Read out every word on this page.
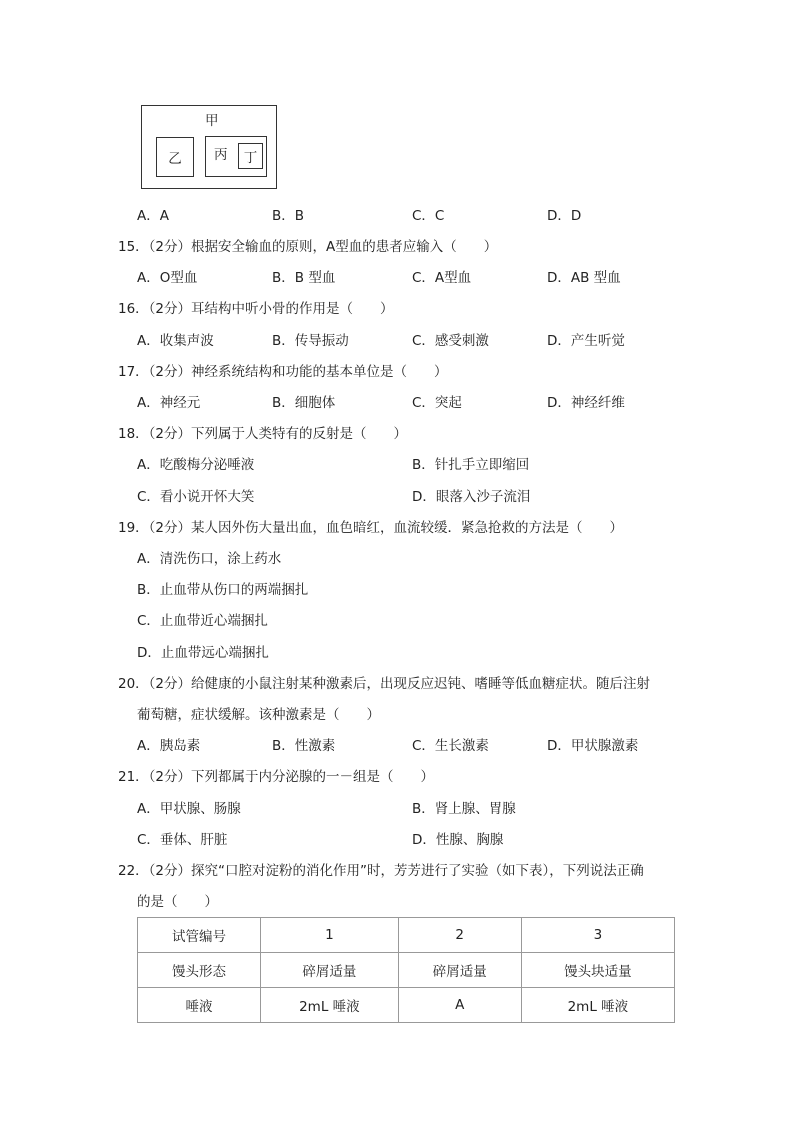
甲
乙 丙 丁
A．A	B．B	C．C	D．D
15．（2分）根据安全输血的原则，A型血的患者应输入（　　）
A．O型血	B．B 型血	C．A型血	D．AB 型血
16．（2分）耳结构中听小骨的作用是（　　）
A．收集声波	B．传导振动	C．感受刺激	D．产生听觉
17．（2分）神经系统结构和功能的基本单位是（　　）
A．神经元	B．细胞体	C．突起	D．神经纤维
18．（2分）下列属于人类特有的反射是（　　）
A．吃酸梅分泌唾液	B．针扎手立即缩回
C．看小说开怀大笑	D．眼落入沙子流泪
19．（2分）某人因外伤大量出血，血色暗红，血流较缓．紧急抢救的方法是（　　）
A．清洗伤口，涂上药水
B．止血带从伤口的两端捆扎
C．止血带近心端捆扎
D．止血带远心端捆扎
20．（2分）给健康的小鼠注射某种激素后，出现反应迟钝、嗜睡等低血糖症状。随后注射
葡萄糖，症状缓解。该种激素是（　　）
A．胰岛素	B．性激素	C．生长激素	D．甲状腺激素
21．（2分）下列都属于内分泌腺的一－组是（　　）
A．甲状腺、肠腺	B．肾上腺、胃腺
C．垂体、肝脏	D．性腺、胸腺
22．（2分）探究“口腔对淀粉的消化作用”时，芳芳进行了实验（如下表），下列说法正确
的是（　　）
试管编号	1	2	3
馒头形态	碎屑适量	碎屑适量	馒头块适量
唾液	2mL 唾液	A	2mL 唾液
